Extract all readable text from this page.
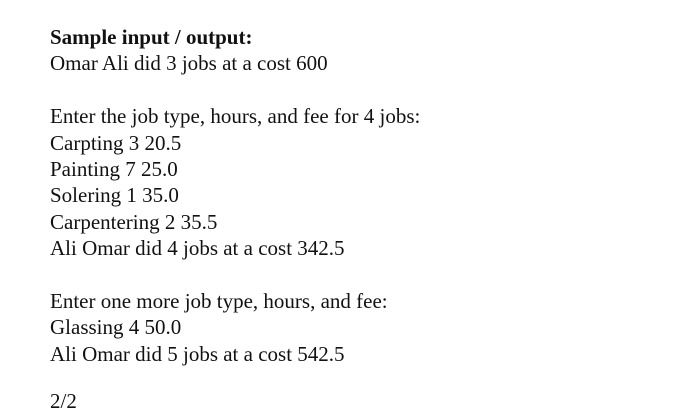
Sample input / output:
Omar Ali did 3 jobs at a cost 600
Enter the job type, hours, and fee for 4 jobs:
Carpting 3 20.5
Painting 7 25.0
Solering 1 35.0
Carpentering 2 35.5
Ali Omar did 4 jobs at a cost 342.5
Enter one more job type, hours, and fee:
Glassing 4 50.0
Ali Omar did 5 jobs at a cost 542.5
2/2
